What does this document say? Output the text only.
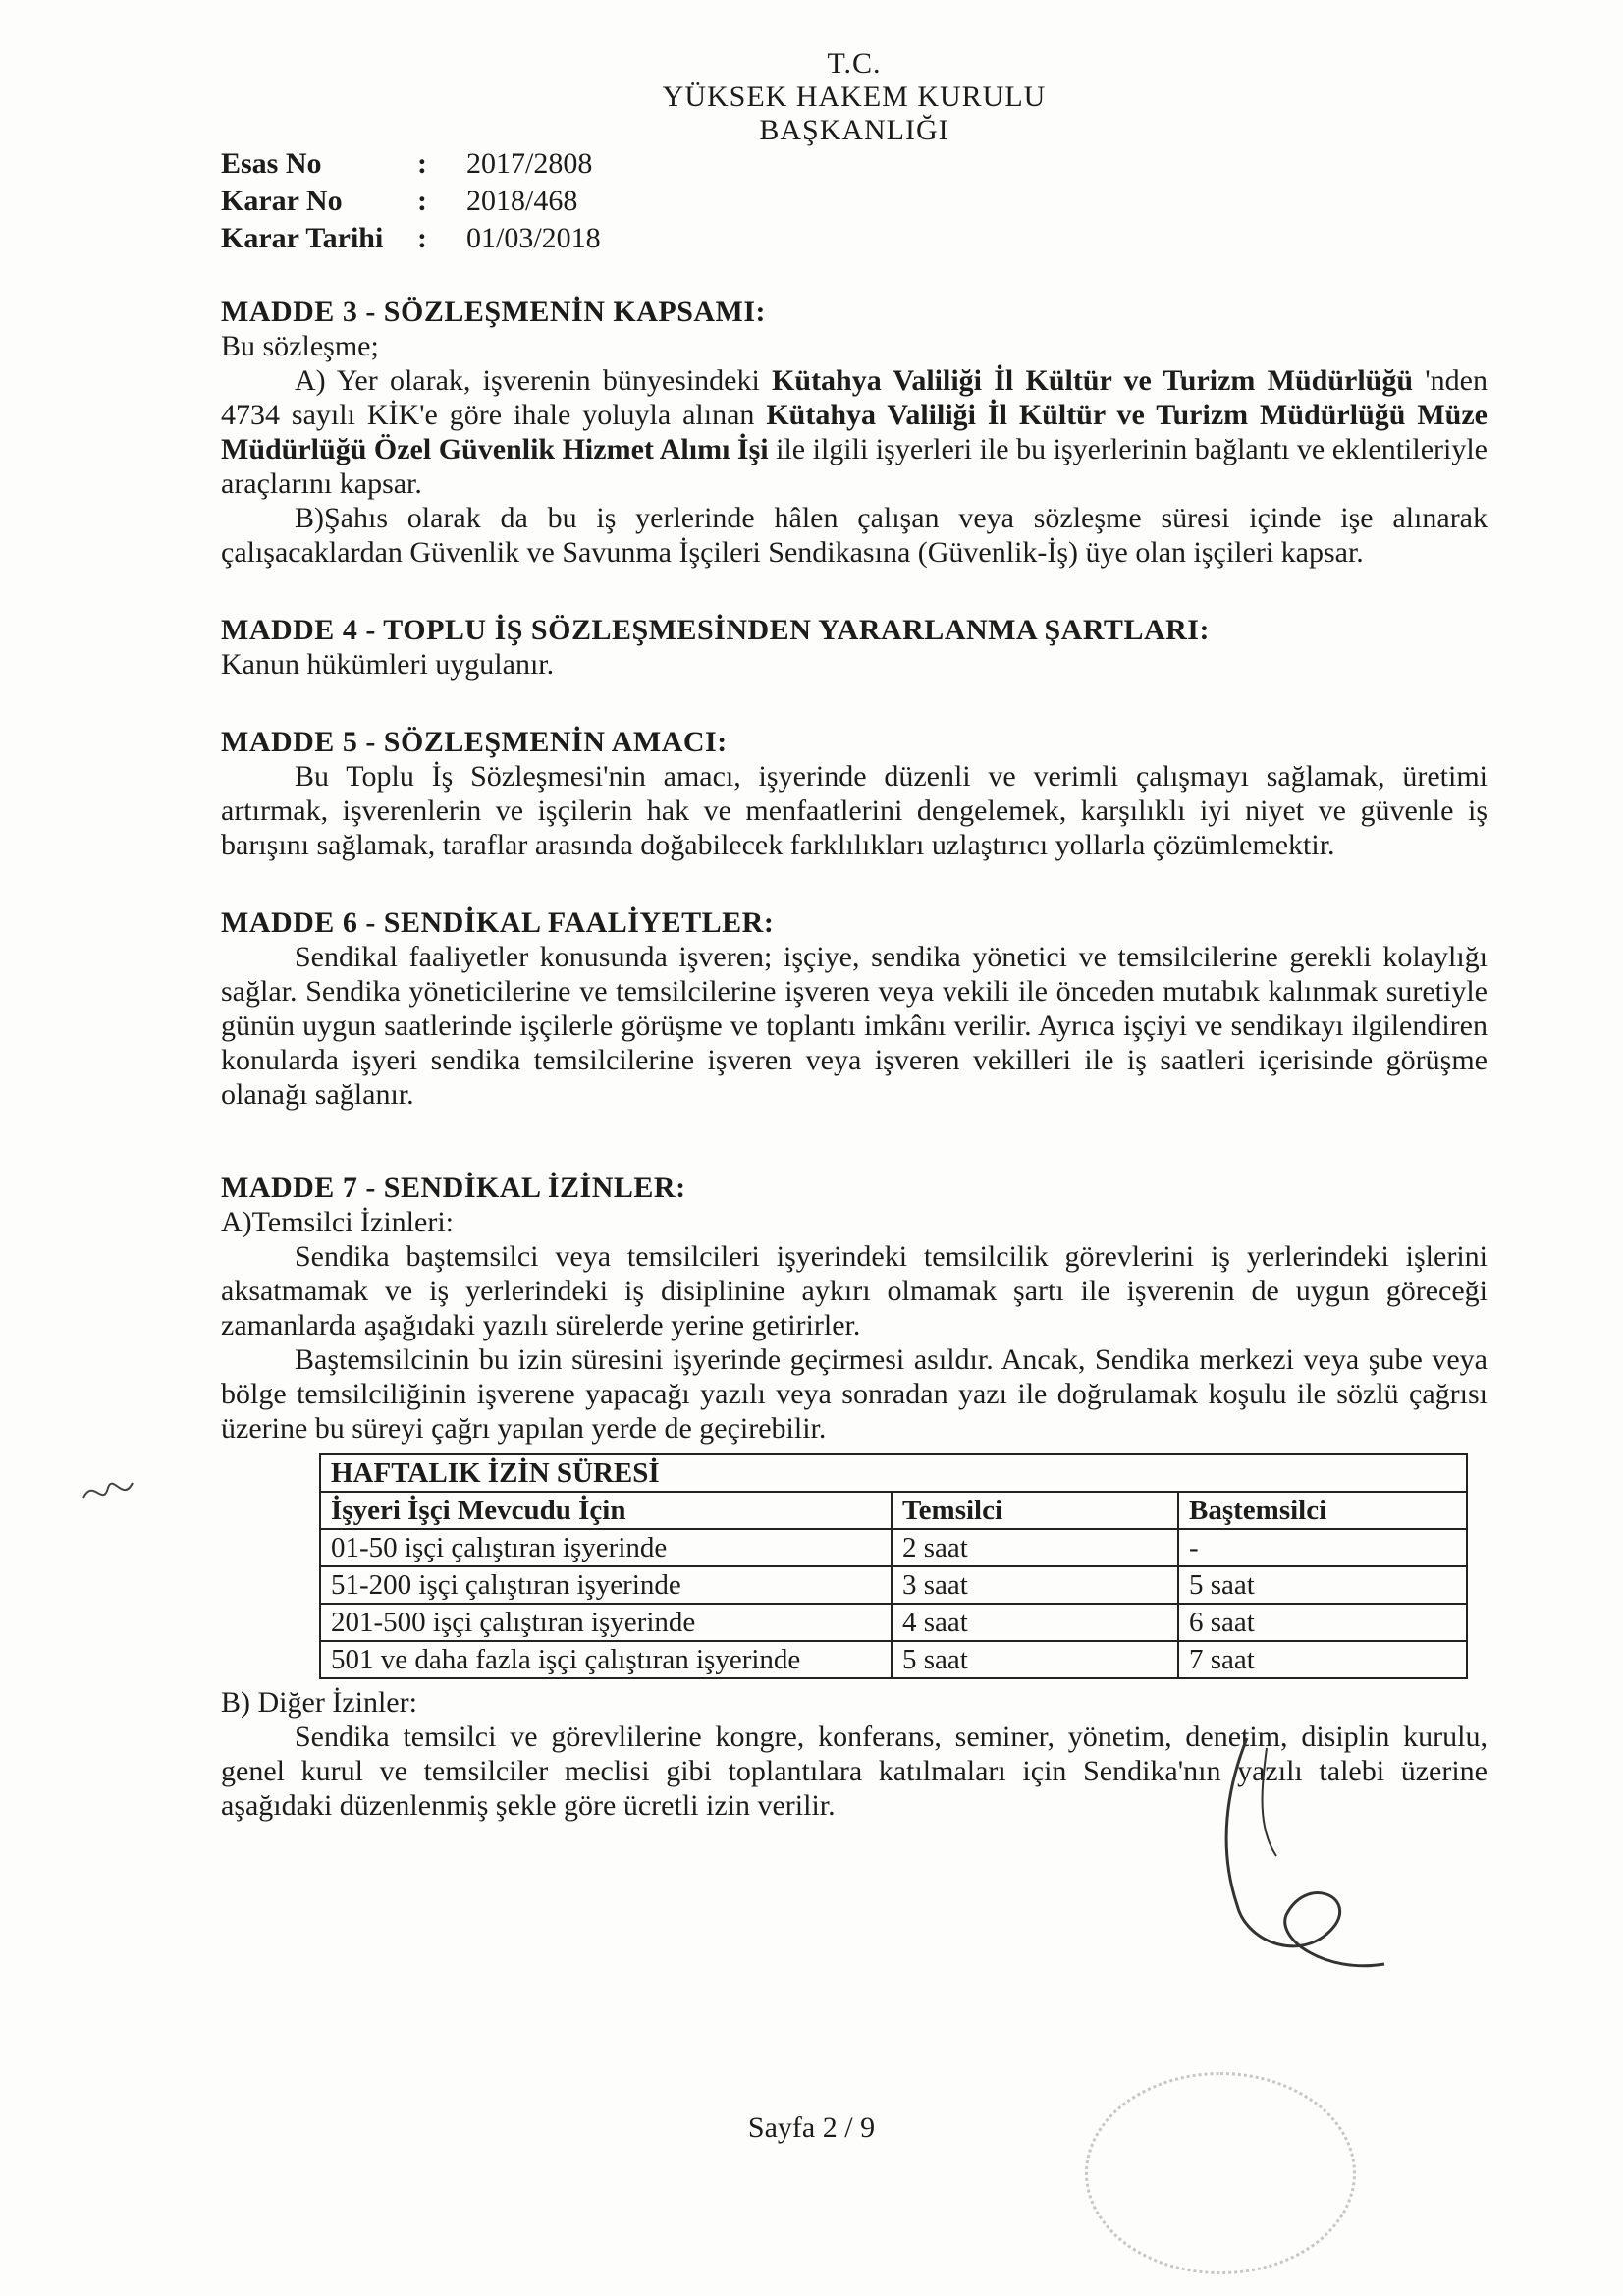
T.C.
YÜKSEK HAKEM KURULU
BAŞKANLIĞI
Esas No	:	2017/2808
Karar No	:	2018/468
Karar Tarihi	:	01/03/2018

MADDE 3 - SÖZLEŞMENİN KAPSAMI:

Bu sözleşme;

A) Yer olarak, işverenin bünyesindeki Kütahya Valiliği İl Kültür ve Turizm Müdürlüğü 'nden 4734 sayılı KİK'e göre ihale yoluyla alınan Kütahya Valiliği İl Kültür ve Turizm Müdürlüğü Müze Müdürlüğü Özel Güvenlik Hizmet Alımı İşi ile ilgili işyerleri ile bu işyerlerinin bağlantı ve eklentileriyle araçlarını kapsar.

B)Şahıs olarak da bu iş yerlerinde hâlen çalışan veya sözleşme süresi içinde işe alınarak çalışacaklardan Güvenlik ve Savunma İşçileri Sendikasına (Güvenlik-İş) üye olan işçileri kapsar.

MADDE 4 - TOPLU İŞ SÖZLEŞMESİNDEN YARARLANMA ŞARTLARI:

Kanun hükümleri uygulanır.

MADDE 5 - SÖZLEŞMENİN AMACI:

Bu Toplu İş Sözleşmesi'nin amacı, işyerinde düzenli ve verimli çalışmayı sağlamak, üretimi artırmak, işverenlerin ve işçilerin hak ve menfaatlerini dengelemek, karşılıklı iyi niyet ve güvenle iş barışını sağlamak, taraflar arasında doğabilecek farklılıkları uzlaştırıcı yollarla çözümlemektir.

MADDE 6 - SENDİKAL FAALİYETLER:

Sendikal faaliyetler konusunda işveren; işçiye, sendika yönetici ve temsilcilerine gerekli kolaylığı sağlar. Sendika yöneticilerine ve temsilcilerine işveren veya vekili ile önceden mutabık kalınmak suretiyle günün uygun saatlerinde işçilerle görüşme ve toplantı imkânı verilir. Ayrıca işçiyi ve sendikayı ilgilendiren konularda işyeri sendika temsilcilerine işveren veya işveren vekilleri ile iş saatleri içerisinde görüşme olanağı sağlanır.

MADDE 7 - SENDİKAL İZİNLER:

A)Temsilci İzinleri:

Sendika baştemsilci veya temsilcileri işyerindeki temsilcilik görevlerini iş yerlerindeki işlerini aksatmamak ve iş yerlerindeki iş disiplinine aykırı olmamak şartı ile işverenin de uygun göreceği zamanlarda aşağıdaki yazılı sürelerde yerine getirirler.

Baştemsilcinin bu izin süresini işyerinde geçirmesi asıldır. Ancak, Sendika merkezi veya şube veya bölge temsilciliğinin işverene yapacağı yazılı veya sonradan yazı ile doğrulamak koşulu ile sözlü çağrısı üzerine bu süreyi çağrı yapılan yerde de geçirebilir.

HAFTALIK İZİN SÜRESİ		
İşyeri İşçi Mevcudu İçin	Temsilci	Baştemsilci
01-50 işçi çalıştıran işyerinde	2 saat	-
51-200 işçi çalıştıran işyerinde	3 saat	5 saat
201-500 işçi çalıştıran işyerinde	4 saat	6 saat
501 ve daha fazla işçi çalıştıran işyerinde	5 saat	7 saat

B) Diğer İzinler:

Sendika temsilci ve görevlilerine kongre, konferans, seminer, yönetim, denetim, disiplin kurulu, genel kurul ve temsilciler meclisi gibi toplantılara katılmaları için Sendika'nın yazılı talebi üzerine aşağıdaki düzenlenmiş şekle göre ücretli izin verilir.

Sayfa 2 / 9
